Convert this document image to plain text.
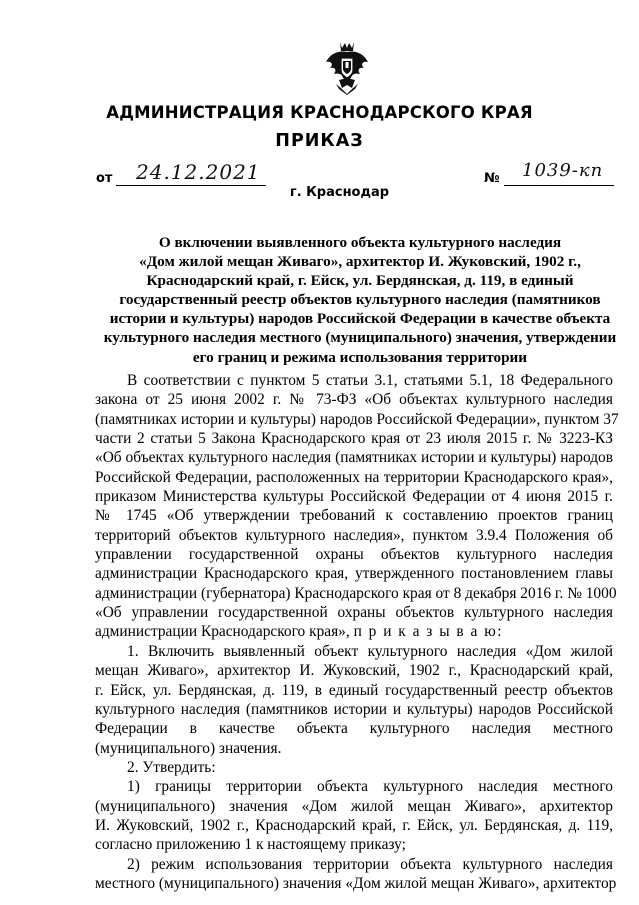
АДМИНИСТРАЦИЯ КРАСНОДАРСКОГО КРАЯ
ПРИКАЗ
от 24.12.2021	№ 1039-кп
г. Краснодар
О включении выявленного объекта культурного наследия
«Дом жилой мещан Живаго», архитектор И. Жуковский, 1902 г.,
Краснодарский край, г. Ейск, ул. Бердянская, д. 119, в единый
государственный реестр объектов культурного наследия (памятников
истории и культуры) народов Российской Федерации в качестве объекта
культурного наследия местного (муниципального) значения, утверждении
его границ и режима использования территории
В соответствии с пунктом 5 статьи 3.1, статьями 5.1, 18 Федерального
закона от 25 июня 2002 г. № 73-ФЗ «Об объектах культурного наследия
(памятниках истории и культуры) народов Российской Федерации», пунктом 37
части 2 статьи 5 Закона Краснодарского края от 23 июля 2015 г. № 3223-КЗ
«Об объектах культурного наследия (памятниках истории и культуры) народов
Российской Федерации, расположенных на территории Краснодарского края»,
приказом Министерства культуры Российской Федерации от 4 июня 2015 г.
№ 1745 «Об утверждении требований к составлению проектов границ
территорий объектов культурного наследия», пунктом 3.9.4 Положения об
управлении государственной охраны объектов культурного наследия
администрации Краснодарского края, утвержденного постановлением главы
администрации (губернатора) Краснодарского края от 8 декабря 2016 г. № 1000
«Об управлении государственной охраны объектов культурного наследия
администрации Краснодарского края», п р и к а з ы в а ю:
1. Включить выявленный объект культурного наследия «Дом жилой
мещан Живаго», архитектор И. Жуковский, 1902 г., Краснодарский край,
г. Ейск, ул. Бердянская, д. 119, в единый государственный реестр объектов
культурного наследия (памятников истории и культуры) народов Российской
Федерации в качестве объекта культурного наследия местного
(муниципального) значения.
2. Утвердить:
1) границы территории объекта культурного наследия местного
(муниципального) значения «Дом жилой мещан Живаго», архитектор
И. Жуковский, 1902 г., Краснодарский край, г. Ейск, ул. Бердянская, д. 119,
согласно приложению 1 к настоящему приказу;
2) режим использования территории объекта культурного наследия
местного (муниципального) значения «Дом жилой мещан Живаго», архитектор
